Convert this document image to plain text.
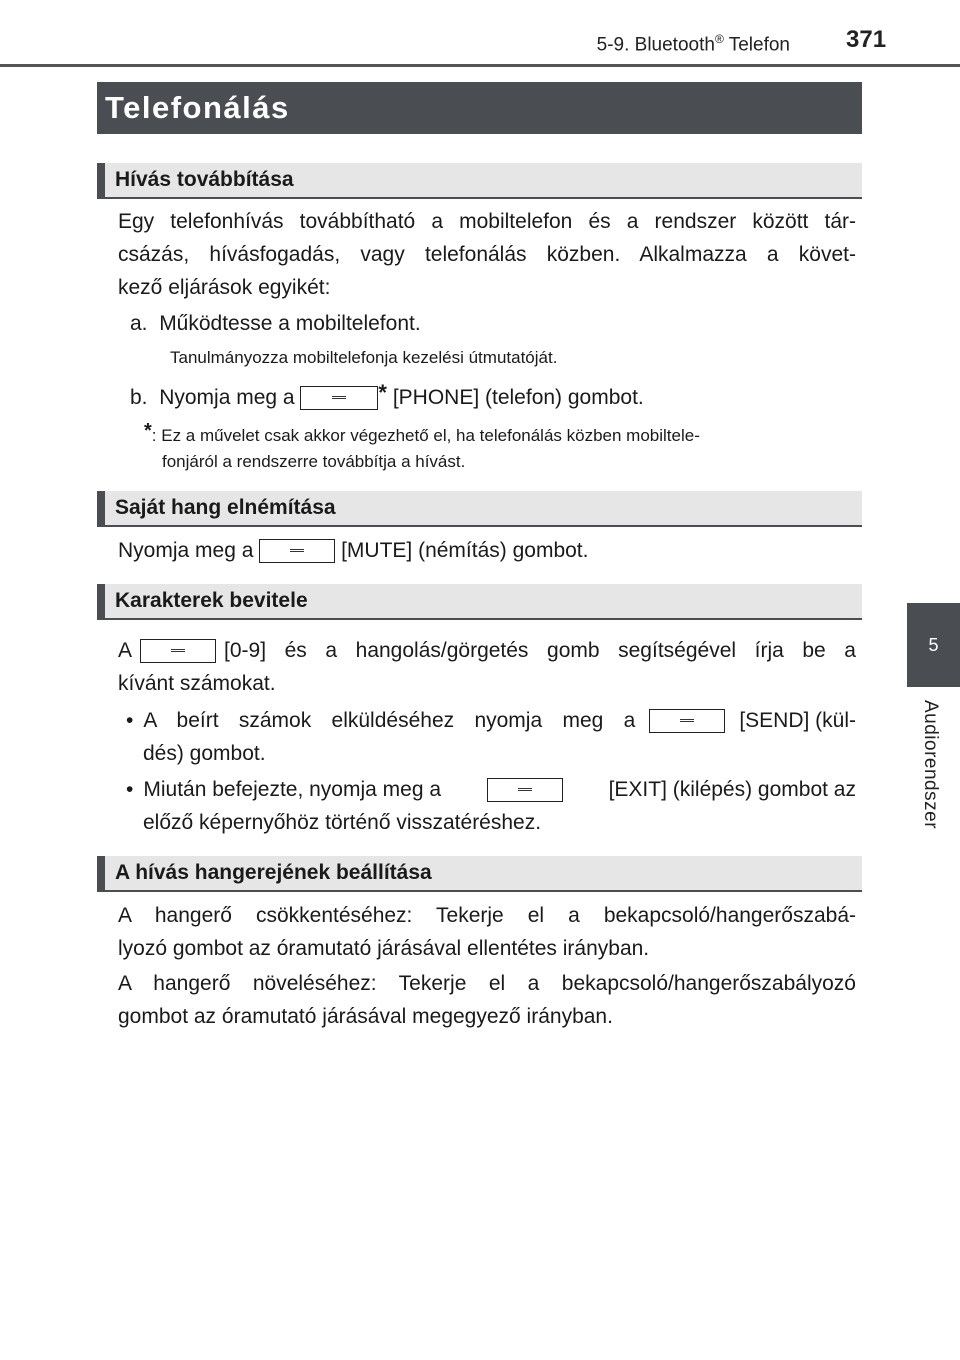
5-9. Bluetooth® Telefon 371
5
Audiorendszer
Telefonálás
Hívás továbbítása
Egy telefonhívás továbbítható a mobiltelefon és a rendszer között tár-
csázás, hívásfogadás, vagy telefonálás közben. Alkalmazza a követ-
kező eljárások egyikét:
a. Működtesse a mobiltelefont.
Tanulmányozza mobiltelefonja kezelési útmutatóját.
b. Nyomja meg a	* [PHONE] (telefon) gombot.
*: Ez a művelet csak akkor végezhető el, ha telefonálás közben mobiltele-
fonjáról a rendszerre továbbítja a hívást.
Saját hang elnémítása
Nyomja meg a	[MUTE] (némítás) gombot.
Karakterek bevitele
A	[0-9] és a hangolás/görgetés gomb segítségével írja be a
kívánt számokat.
• A beírt számok elküldéséhez nyomja meg a	[SEND] (kül-
dés) gombot.
• Miután befejezte, nyomja meg a	[EXIT] (kilépés) gombot az
előző képernyőhöz történő visszatéréshez.
A hívás hangerejének beállítása
A hangerő csökkentéséhez: Tekerje el a bekapcsoló/hangerőszabá-
lyozó gombot az óramutató járásával ellentétes irányban.
A hangerő növeléséhez: Tekerje el a bekapcsoló/hangerőszabályozó
gombot az óramutató járásával megegyező irányban.
